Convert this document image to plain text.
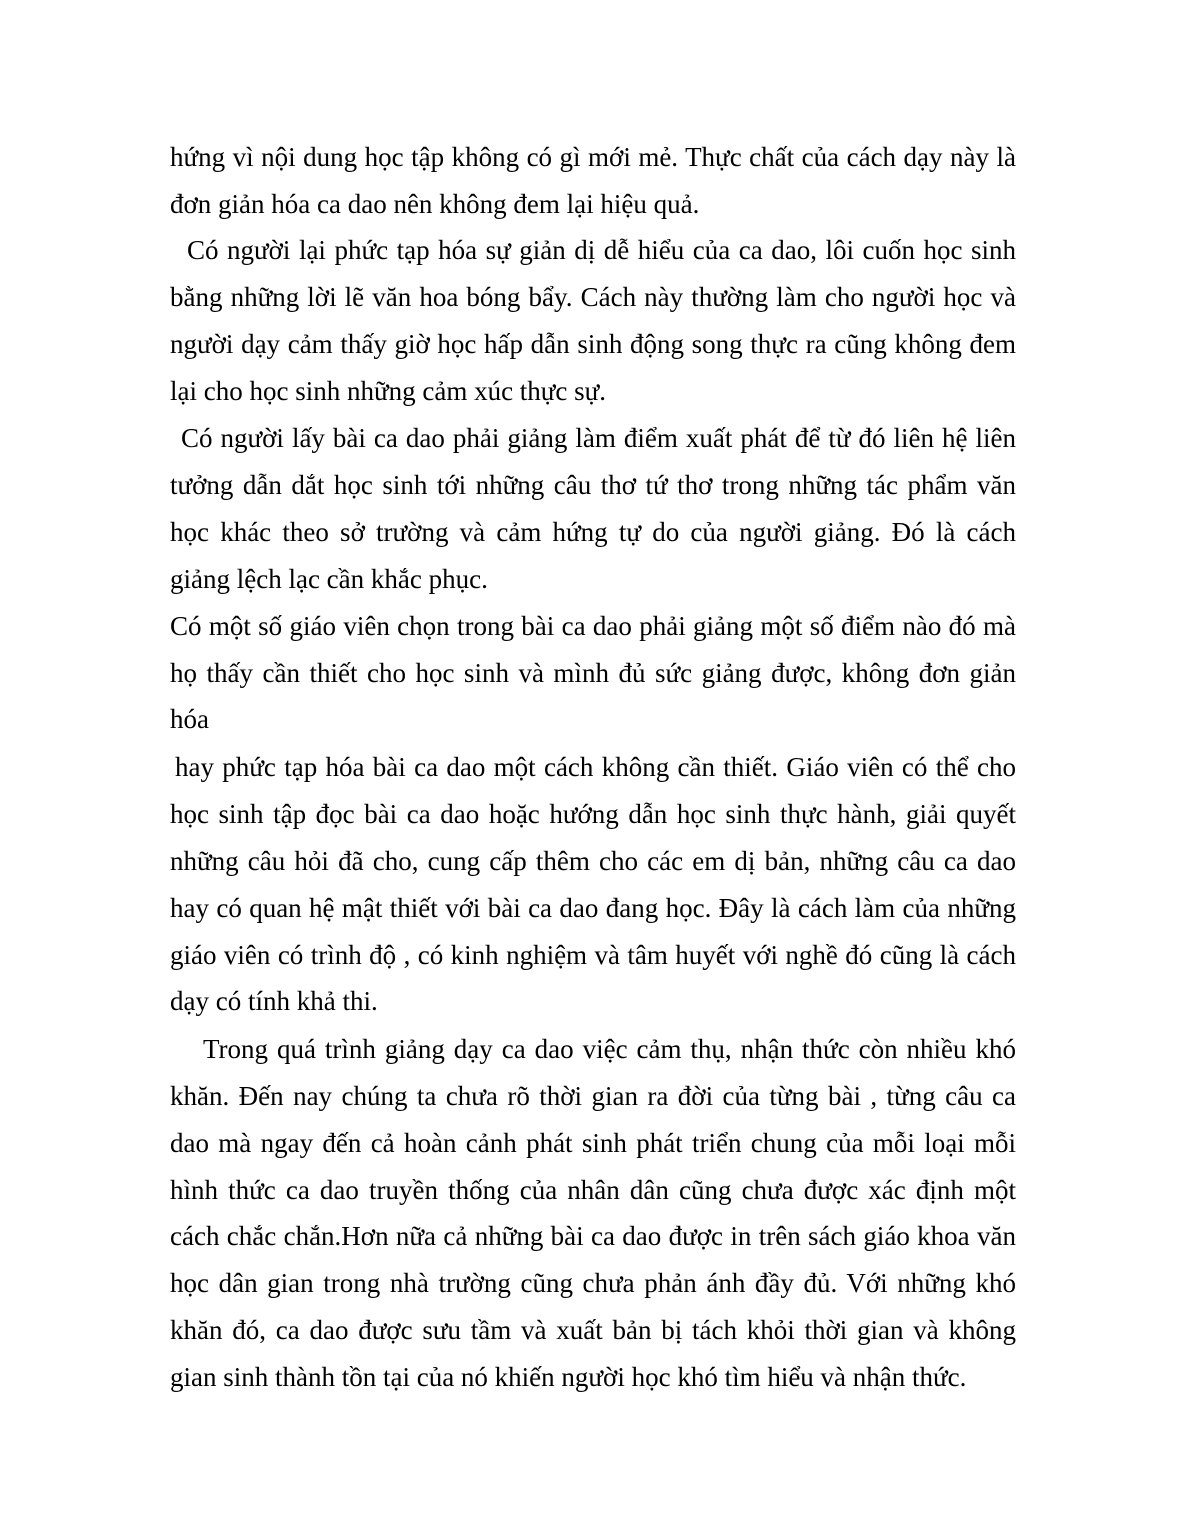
hứng vì nội dung học tập không có gì mới mẻ. Thực chất của cách dạy này là
đơn giản hóa ca dao nên không đem lại hiệu quả.
Có người lại phức tạp hóa sự giản dị dễ hiểu của ca dao, lôi cuốn học sinh
bằng những lời lẽ văn hoa bóng bẩy. Cách này thường làm cho người học và
người dạy cảm thấy giờ học hấp dẫn sinh động song thực ra cũng không đem
lại cho học sinh những cảm xúc thực sự.
Có người lấy bài ca dao phải giảng làm điểm xuất phát để từ đó liên hệ liên
tưởng dẫn dắt học sinh tới những câu thơ tứ thơ trong những tác phẩm văn
học khác theo sở trường và cảm hứng tự do của người giảng. Đó là cách
giảng lệch lạc cần khắc phục.
Có một số giáo viên chọn trong bài ca dao phải giảng một số điểm nào đó mà
họ thấy cần thiết cho học sinh và mình đủ sức giảng được, không đơn giản
hóa
hay phức tạp hóa bài ca dao một cách không cần thiết. Giáo viên có thể cho
học sinh tập đọc bài ca dao hoặc hướng dẫn học sinh thực hành, giải quyết
những câu hỏi đã cho, cung cấp thêm cho các em dị bản, những câu ca dao
hay có quan hệ mật thiết với bài ca dao đang học. Đây là cách làm của những
giáo viên có trình độ , có kinh nghiệm và tâm huyết với nghề đó cũng là cách
dạy có tính khả thi.
Trong quá trình giảng dạy ca dao việc cảm thụ, nhận thức còn nhiều khó
khăn. Đến nay chúng ta chưa rõ thời gian ra đời của từng bài , từng câu ca
dao mà ngay đến cả hoàn cảnh phát sinh phát triển chung của mỗi loại mỗi
hình thức ca dao truyền thống của nhân dân cũng chưa được xác định một
cách chắc chắn.Hơn nữa cả những bài ca dao được in trên sách giáo khoa văn
học dân gian trong nhà trường cũng chưa phản ánh đầy đủ. Với những khó
khăn đó, ca dao được sưu tầm và xuất bản bị tách khỏi thời gian và không
gian sinh thành tồn tại của nó khiến người học khó tìm hiểu và nhận thức.
